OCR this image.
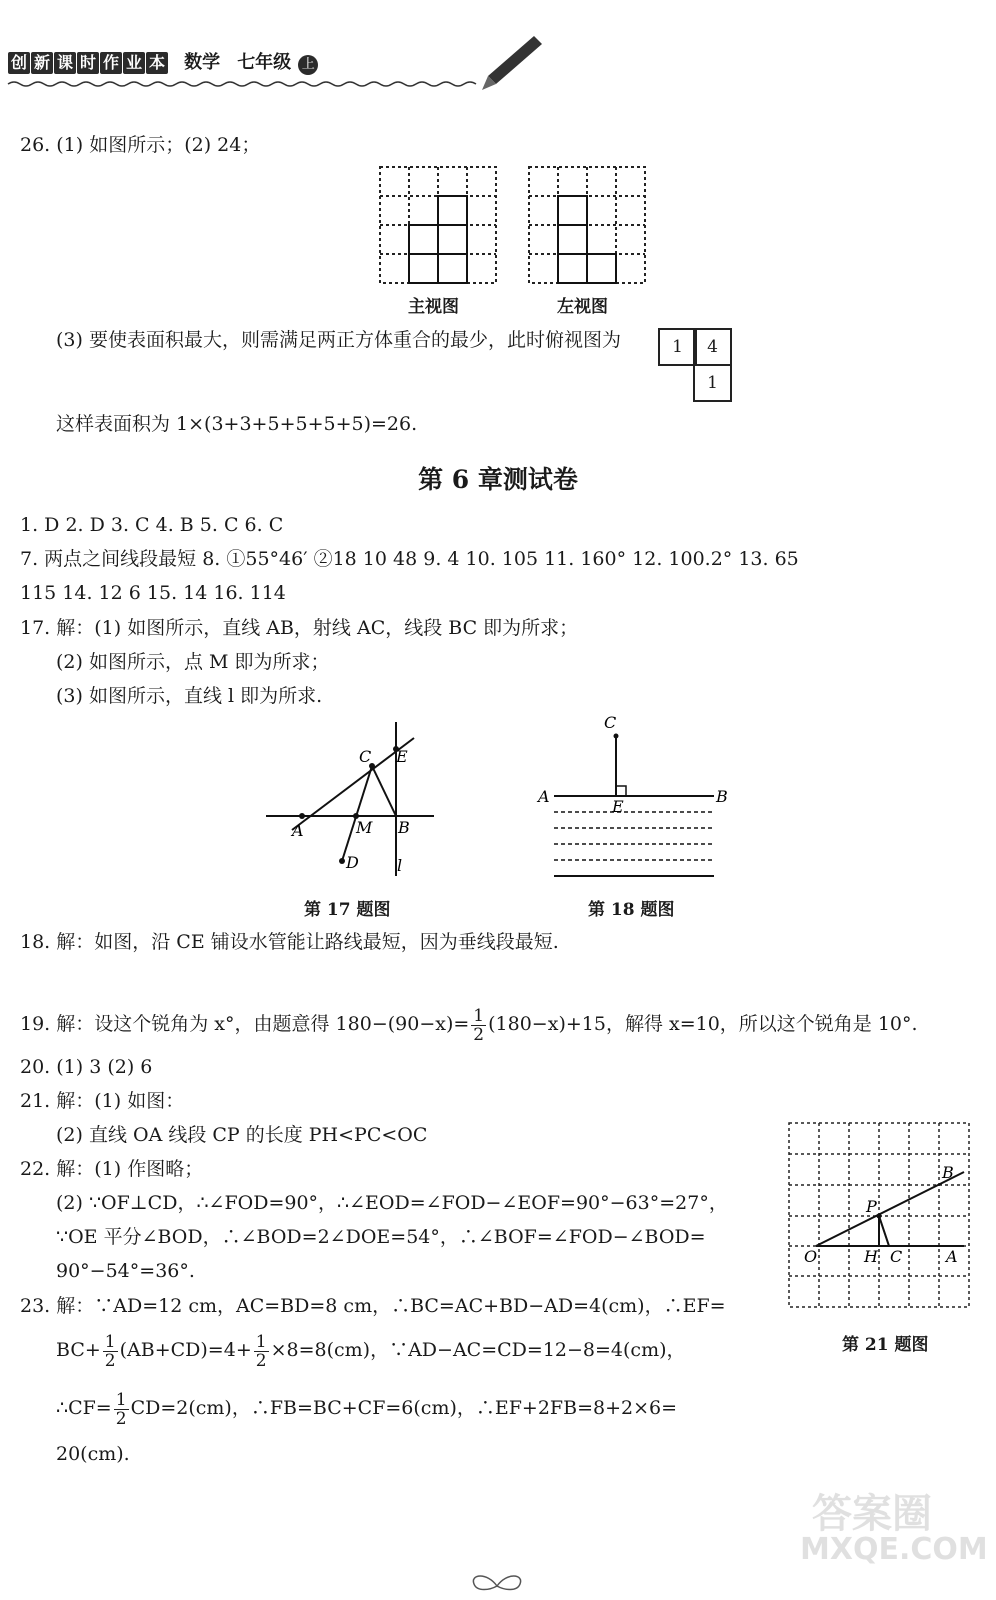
创 新 课 时 作 业 本 数学 七年级 上
26. (1) 如图所示；(2) 24；
主视图	左视图
(3) 要使表面积最大，则需满足两正方体重合的最少，此时俯视图为	1	4
1
这样表面积为 1×(3+3+5+5+5+5)=26.
第 6 章测试卷
1. D 2. D 3. C 4. B 5. C 6. C
7. 两点之间线段最短 8. ①55°46′ ②18 10 48 9. 4 10. 105 11. 160° 12. 100.2° 13. 65
115 14. 12 6 15. 14 16. 114
17. 解：(1) 如图所示，直线 AB，射线 AC，线段 BC 即为所求；
(2) 如图所示，点 M 即为所求；
(3) 如图所示，直线 l 即为所求.
A
C E
M B
D l
第 17 题图
C
A	B
E
第 18 题图
18. 解：如图，沿 CE 铺设水管能让路线最短，因为垂线段最短.
19. 解：设这个锐角为 x°，由题意得 $180-(90-x)= \frac{1}{2} (180-x)+15$，解得 x=10，所以这个锐角是 10°.
20. (1) 3 (2) 6
21. 解：(1) 如图：
(2) 直线 OA 线段 CP 的长度 PH<PC<OC
O	H C	A
P
B
第 21 题图
22. 解：(1) 作图略；
(2) ∵OF⊥CD，∴∠FOD=90°，∴∠EOD=∠FOD−∠EOF=90°−63°=27°，
∵OE 平分∠BOD，∴∠BOD=2∠DOE=54°，∴∠BOF=∠FOD−∠BOD=
90°−54°=36°.
23. 解：∵AD=12 cm，AC=BD=8 cm，∴BC=AC+BD−AD=4(cm)，∴EF=
$BC+ \frac{1}{2} (AB+CD)=4+ \frac{1}{2} \times 8=8(cm)$，∵AD−AC=CD=12−8=4(cm)，
∴CF= $\frac{1}{2} CD=2(cm)$，∴FB=BC+CF=6(cm)，∴EF+2FB=8+2×6=
20(cm).
答案圈
MXQE.COM
